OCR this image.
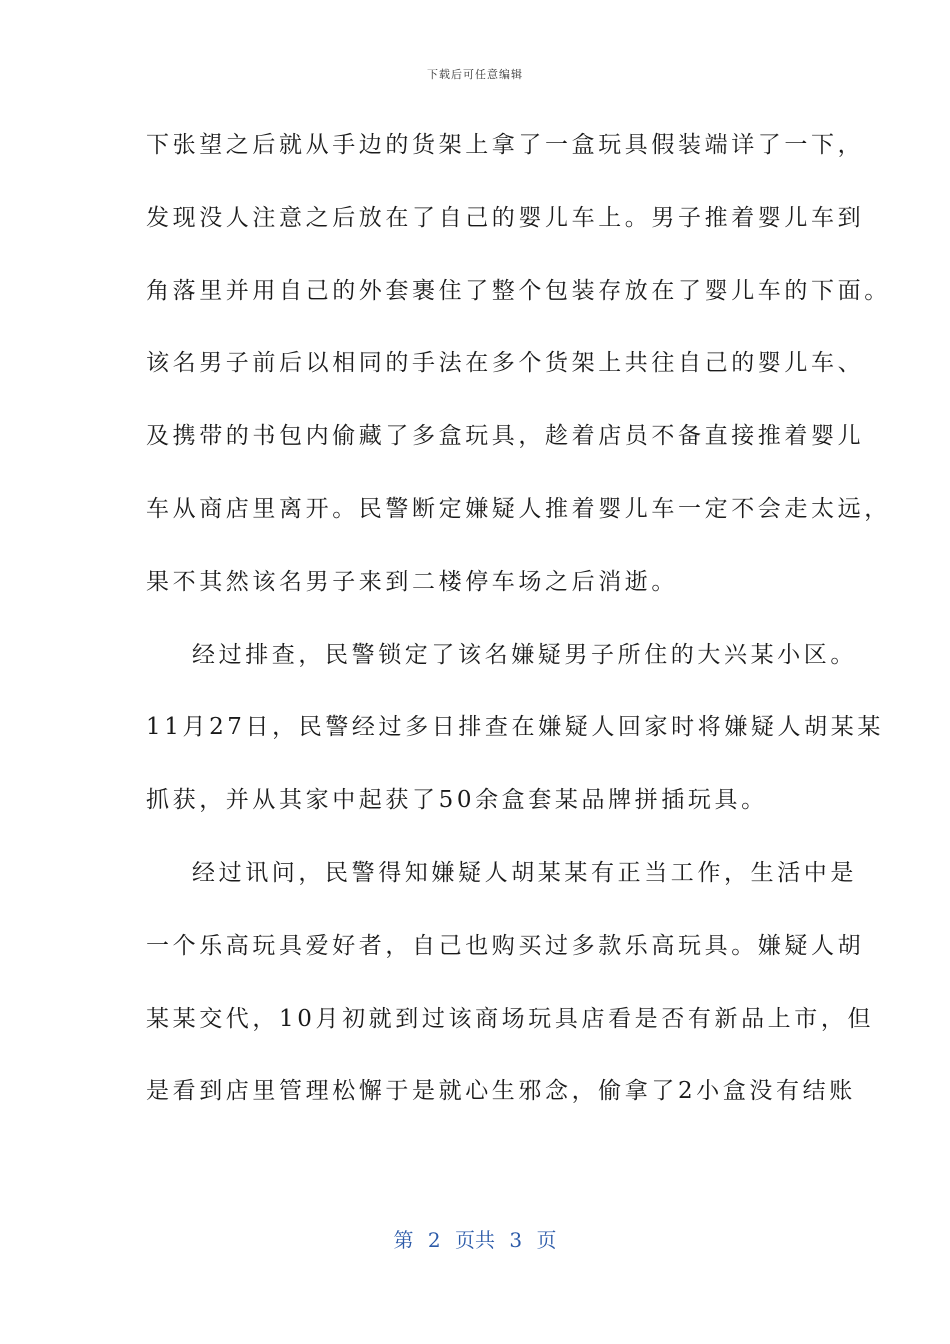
下载后可任意编辑
下张望之后就从手边的货架上拿了一盒玩具假装端详了一下，
发现没人注意之后放在了自己的婴儿车上。男子推着婴儿车到
角落里并用自己的外套裹住了整个包装存放在了婴儿车的下面。
该名男子前后以相同的手法在多个货架上共往自己的婴儿车、
及携带的书包内偷藏了多盒玩具，趁着店员不备直接推着婴儿
车从商店里离开。民警断定嫌疑人推着婴儿车一定不会走太远，
果不其然该名男子来到二楼停车场之后消逝。
经过排查，民警锁定了该名嫌疑男子所住的大兴某小区。
11月27日，民警经过多日排查在嫌疑人回家时将嫌疑人胡某某
抓获，并从其家中起获了50余盒套某品牌拼插玩具。
经过讯问，民警得知嫌疑人胡某某有正当工作，生活中是
一个乐高玩具爱好者，自己也购买过多款乐高玩具。嫌疑人胡
某某交代，10月初就到过该商场玩具店看是否有新品上市，但
是看到店里管理松懈于是就心生邪念，偷拿了2小盒没有结账
第 2 页共 3 页
